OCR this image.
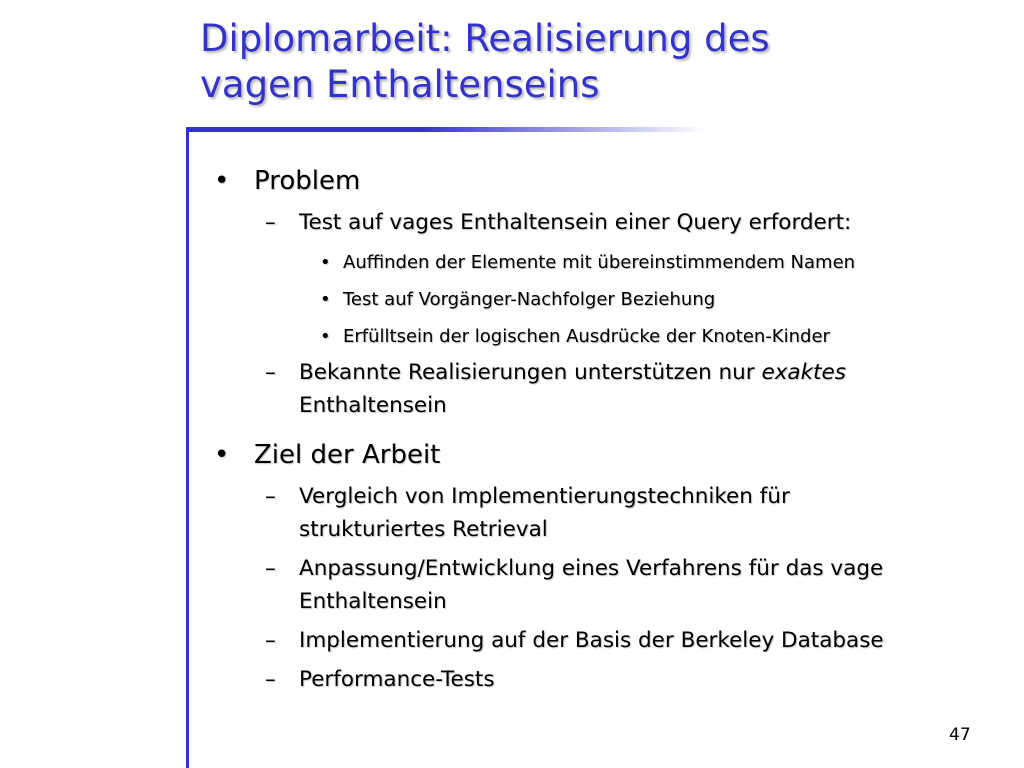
Diplomarbeit: Realisierung des
vagen Enthaltenseins
• Problem
– Test auf vages Enthaltensein einer Query erfordert:
• Auffinden der Elemente mit übereinstimmendem Namen
• Test auf Vorgänger-Nachfolger Beziehung
• Erfülltsein der logischen Ausdrücke der Knoten-Kinder
– Bekannte Realisierungen unterstützen nur exaktes
Enthaltensein
• Ziel der Arbeit
– Vergleich von Implementierungstechniken für
strukturiertes Retrieval
– Anpassung/Entwicklung eines Verfahrens für das vage
Enthaltensein
– Implementierung auf der Basis der Berkeley Database
– Performance-Tests
47
